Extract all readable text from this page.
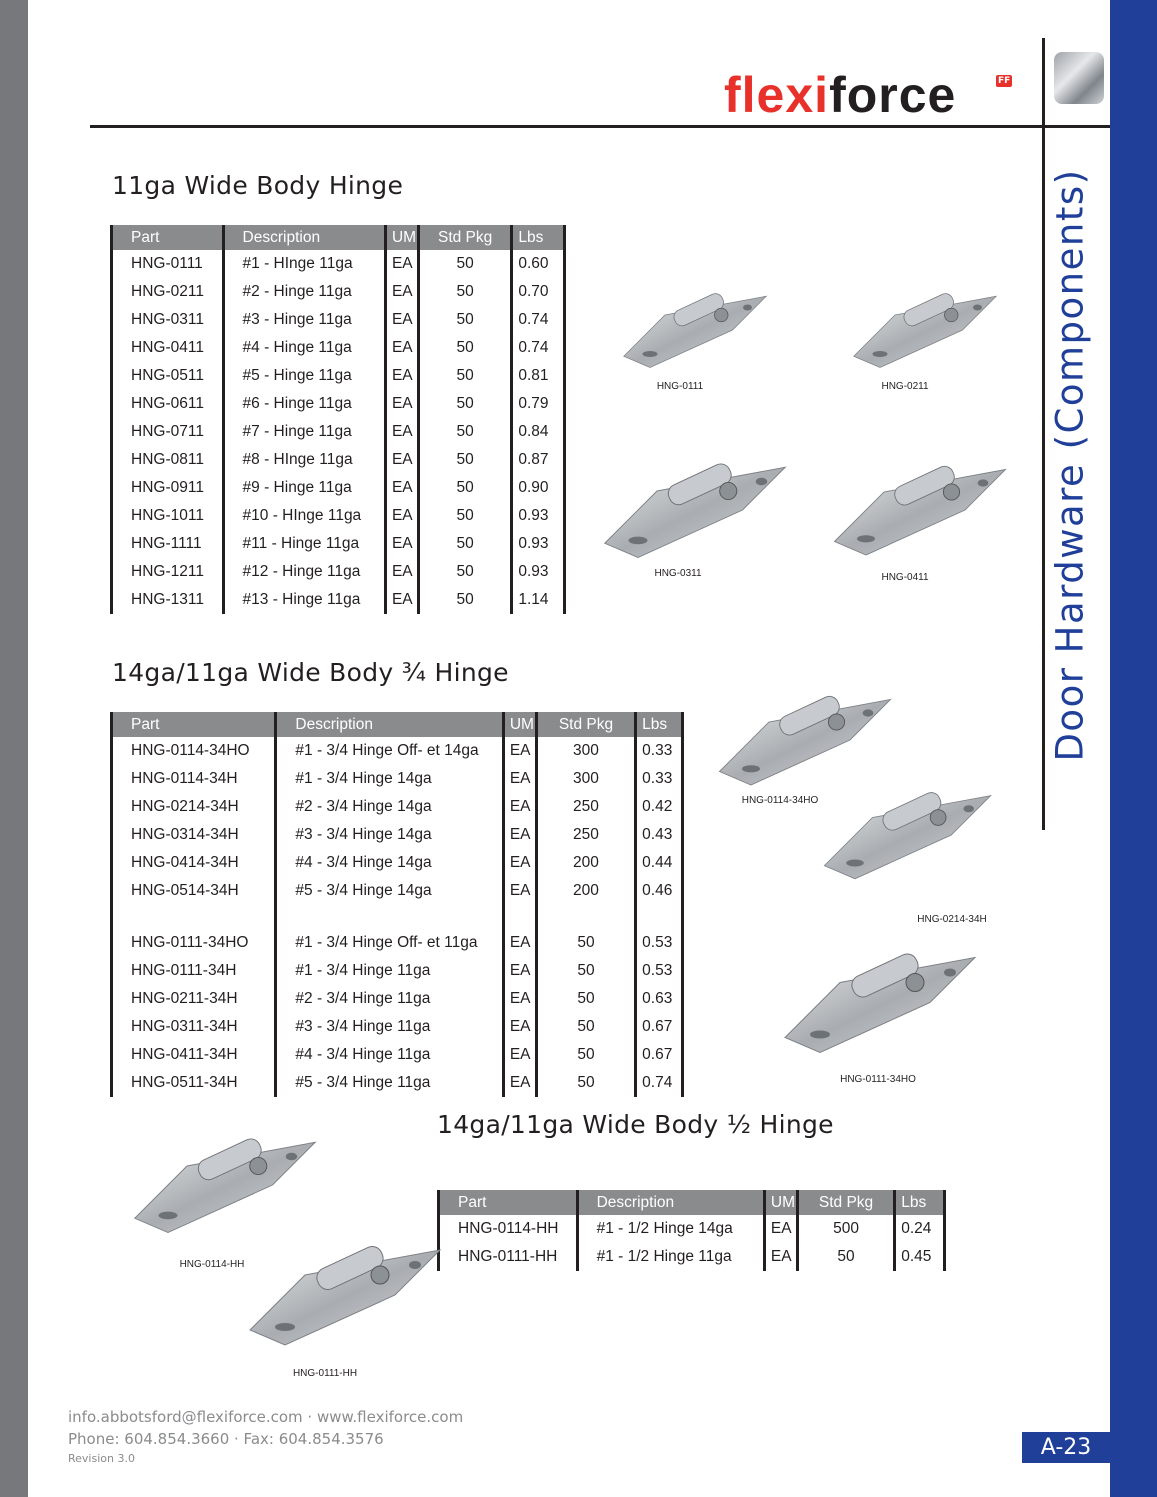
flexiforce	FF
Door Hardware (Components)
11ga Wide Body Hinge
14ga/11ga Wide Body ¾ Hinge
14ga/11ga Wide Body ½ Hinge
Part	Description	UM	Std Pkg	Lbs
HNG-0111	#1 - HInge 11ga	EA	50	0.60
HNG-0211	#2 - Hinge 11ga	EA	50	0.70
HNG-0311	#3 - Hinge 11ga	EA	50	0.74
HNG-0411	#4 - Hinge 11ga	EA	50	0.74
HNG-0511	#5 - Hinge 11ga	EA	50	0.81
HNG-0611	#6 - Hinge 11ga	EA	50	0.79
HNG-0711	#7 - Hinge 11ga	EA	50	0.84
HNG-0811	#8 - HInge 11ga	EA	50	0.87
HNG-0911	#9 - Hinge 11ga	EA	50	0.90
HNG-1011	#10 - HInge 11ga	EA	50	0.93
HNG-1111	#11 - Hinge 11ga	EA	50	0.93
HNG-1211	#12 - Hinge 11ga	EA	50	0.93
HNG-1311	#13 - Hinge 11ga	EA	50	1.14
Part	Description	UM	Std Pkg	Lbs
HNG-0114-34HO	#1 - 3/4 Hinge Off- et 14ga	EA	300	0.33
HNG-0114-34H	#1 - 3/4 Hinge 14ga	EA	300	0.33
HNG-0214-34H	#2 - 3/4 Hinge 14ga	EA	250	0.42
HNG-0314-34H	#3 - 3/4 Hinge 14ga	EA	250	0.43
HNG-0414-34H	#4 - 3/4 Hinge 14ga	EA	200	0.44
HNG-0514-34H	#5 - 3/4 Hinge 14ga	EA	200	0.46

HNG-0111-34HO	#1 - 3/4 Hinge Off- et 11ga	EA	50	0.53
HNG-0111-34H	#1 - 3/4 Hinge 11ga	EA	50	0.53
HNG-0211-34H	#2 - 3/4 Hinge 11ga	EA	50	0.63
HNG-0311-34H	#3 - 3/4 Hinge 11ga	EA	50	0.67
HNG-0411-34H	#4 - 3/4 Hinge 11ga	EA	50	0.67
HNG-0511-34H	#5 - 3/4 Hinge 11ga	EA	50	0.74
Part	Description	UM	Std Pkg	Lbs
HNG-0114-HH	#1 - 1/2 Hinge 14ga	EA	500	0.24
HNG-0111-HH	#1 - 1/2 Hinge 11ga	EA	50	0.45
HNG-0111	HNG-0211
HNG-0311	HNG-0411
HNG-0114-34HO
HNG-0214-34H
HNG-0111-34HO
HNG-0114-HH
HNG-0111-HH
info.abbotsford@flexiforce.com · www.flexiforce.com
Phone: 604.854.3660 · Fax: 604.854.3576
Revision 3.0	A-23
